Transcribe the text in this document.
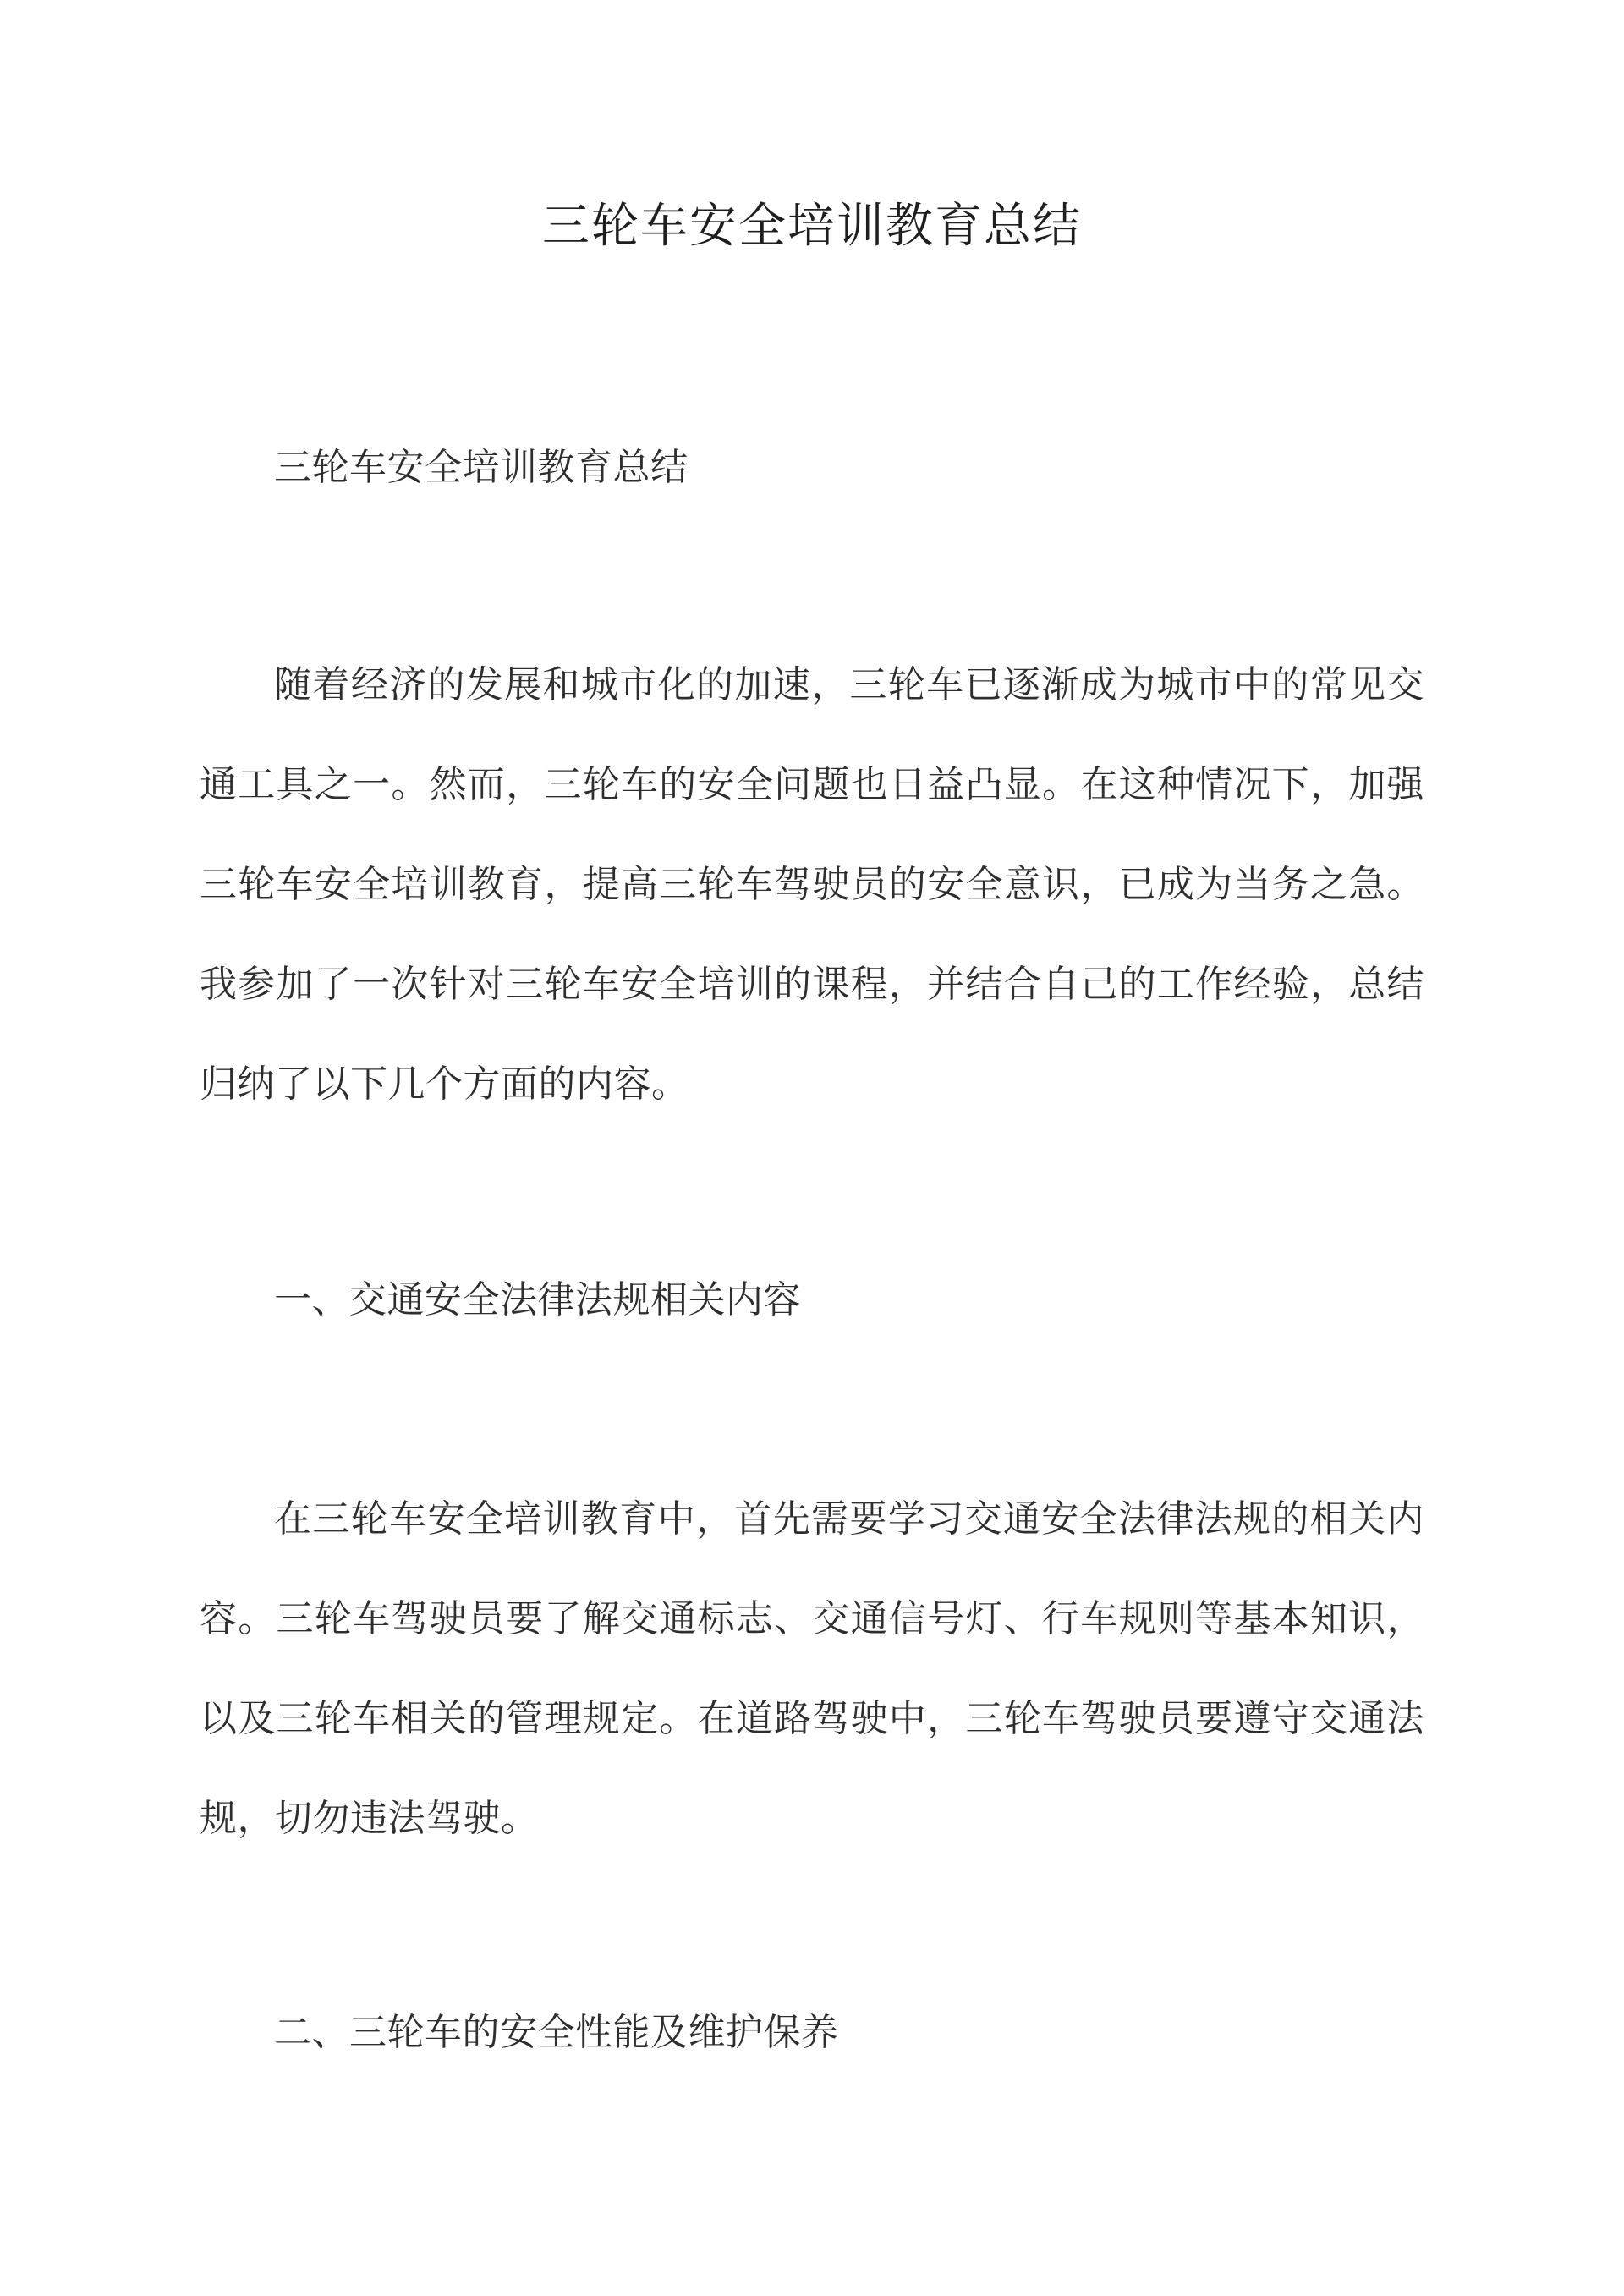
三轮车安全培训教育总结

三轮车安全培训教育总结

随着经济的发展和城市化的加速，三轮车已逐渐成为城市中的常见交通工具之一。然而，三轮车的安全问题也日益凸显。在这种情况下，加强三轮车安全培训教育，提高三轮车驾驶员的安全意识，已成为当务之急。我参加了一次针对三轮车安全培训的课程，并结合自己的工作经验，总结归纳了以下几个方面的内容。

一、交通安全法律法规相关内容

在三轮车安全培训教育中，首先需要学习交通安全法律法规的相关内容。三轮车驾驶员要了解交通标志、交通信号灯、行车规则等基本知识，以及三轮车相关的管理规定。在道路驾驶中，三轮车驾驶员要遵守交通法规，切勿违法驾驶。

二、三轮车的安全性能及维护保养
